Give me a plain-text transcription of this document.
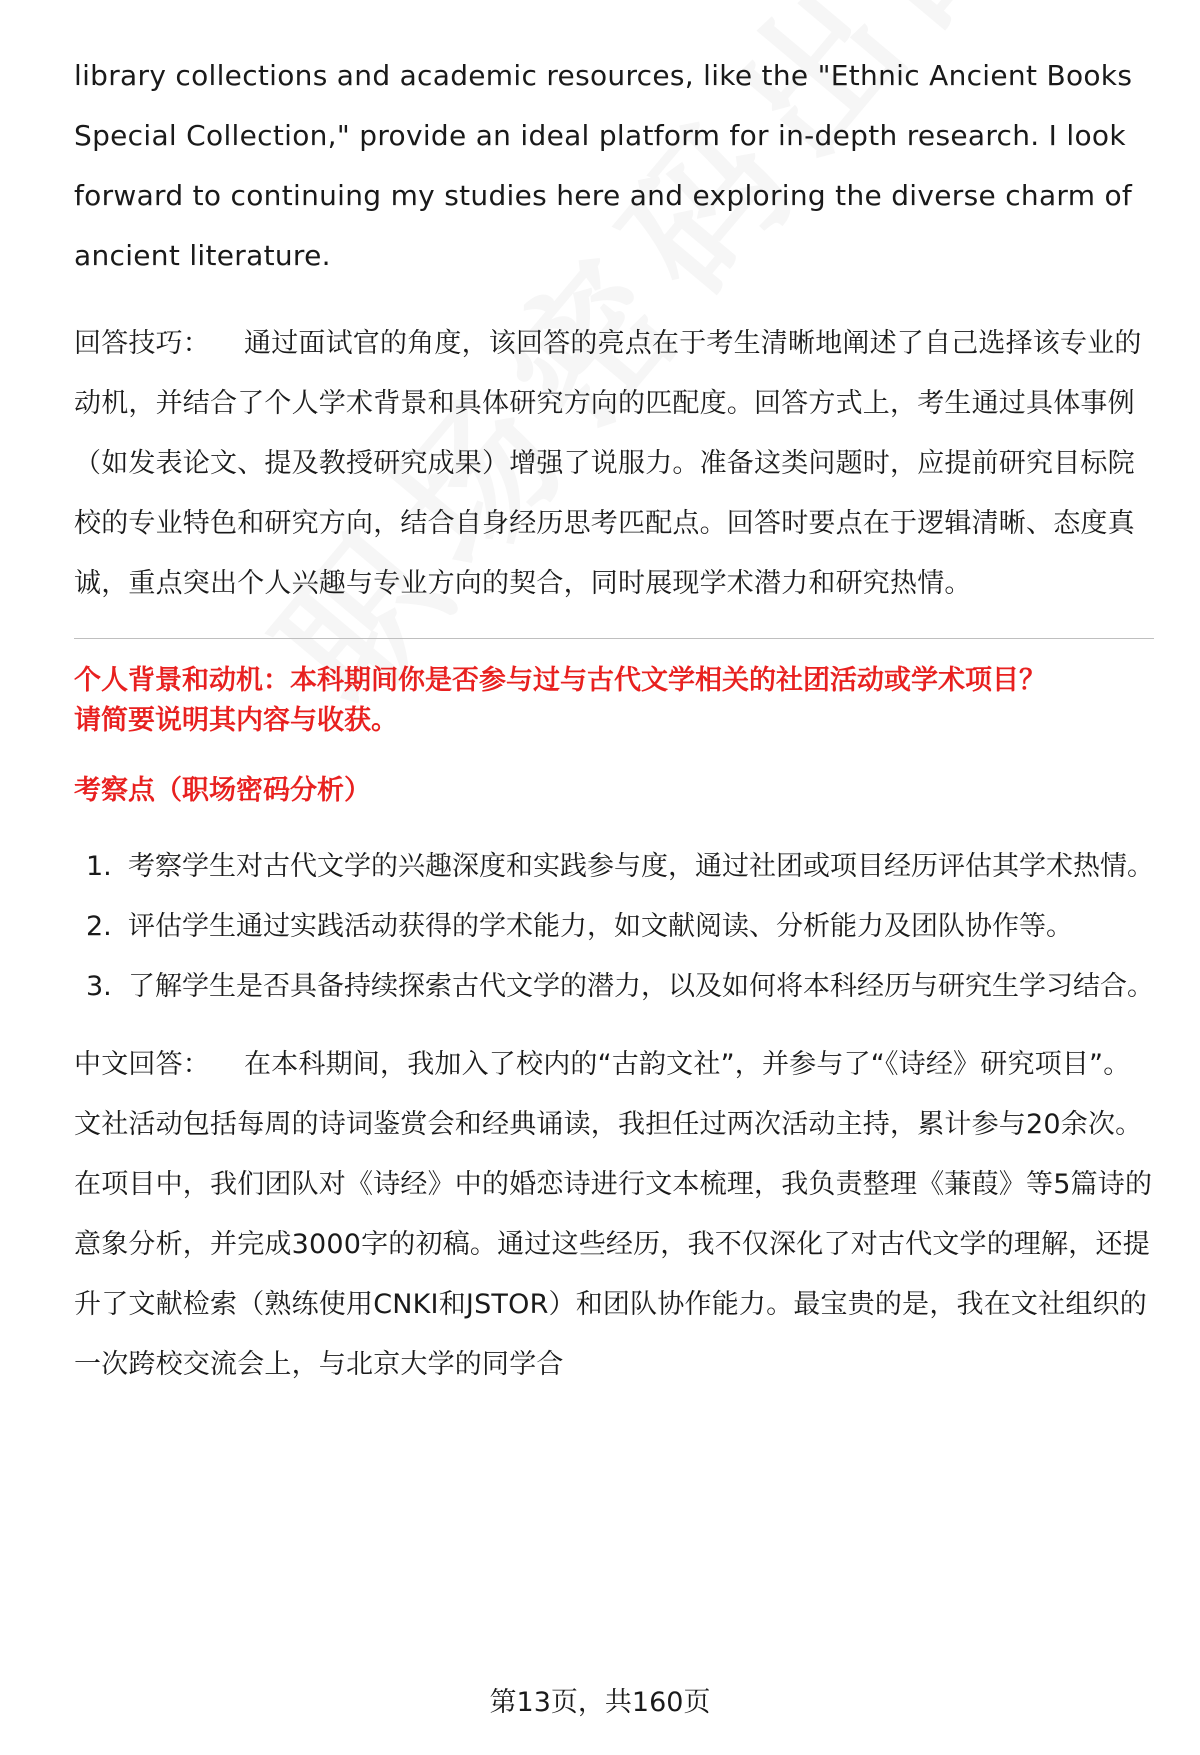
library collections and academic resources, like the "Ethnic Ancient Books Special Collection," provide an ideal platform for in-depth research. I look forward to continuing my studies here and exploring the diverse charm of ancient literature.

回答技巧： 通过面试官的角度，该回答的亮点在于考生清晰地阐述了自己选择该专业的动机，并结合了个人学术背景和具体研究方向的匹配度。回答方式上，考生通过具体事例（如发表论文、提及教授研究成果）增强了说服力。准备这类问题时，应提前研究目标院校的专业特色和研究方向，结合自身经历思考匹配点。回答时要点在于逻辑清晰、态度真诚，重点突出个人兴趣与专业方向的契合，同时展现学术潜力和研究热情。

个人背景和动机：本科期间你是否参与过与古代文学相关的社团活动或学术项目？
请简要说明其内容与收获。
考察点（职场密码分析）
1. 考察学生对古代文学的兴趣深度和实践参与度，通过社团或项目经历评估其学术热情。
2. 评估学生通过实践活动获得的学术能力，如文献阅读、分析能力及团队协作等。
3. 了解学生是否具备持续探索古代文学的潜力，以及如何将本科经历与研究生学习结合。

中文回答： 在本科期间，我加入了校内的“古韵文社”，并参与了“《诗经》研究项目”。文社活动包括每周的诗词鉴赏会和经典诵读，我担任过两次活动主持，累计参与20余次。在项目中，我们团队对《诗经》中的婚恋诗进行文本梳理，我负责整理《蒹葭》等5篇诗的意象分析，并完成3000字的初稿。通过这些经历，我不仅深化了对古代文学的理解，还提升了文献检索（熟练使用CNKI和JSTOR）和团队协作能力。最宝贵的是，我在文社组织的一次跨校交流会上，与北京大学的同学合

第13页，共160页
